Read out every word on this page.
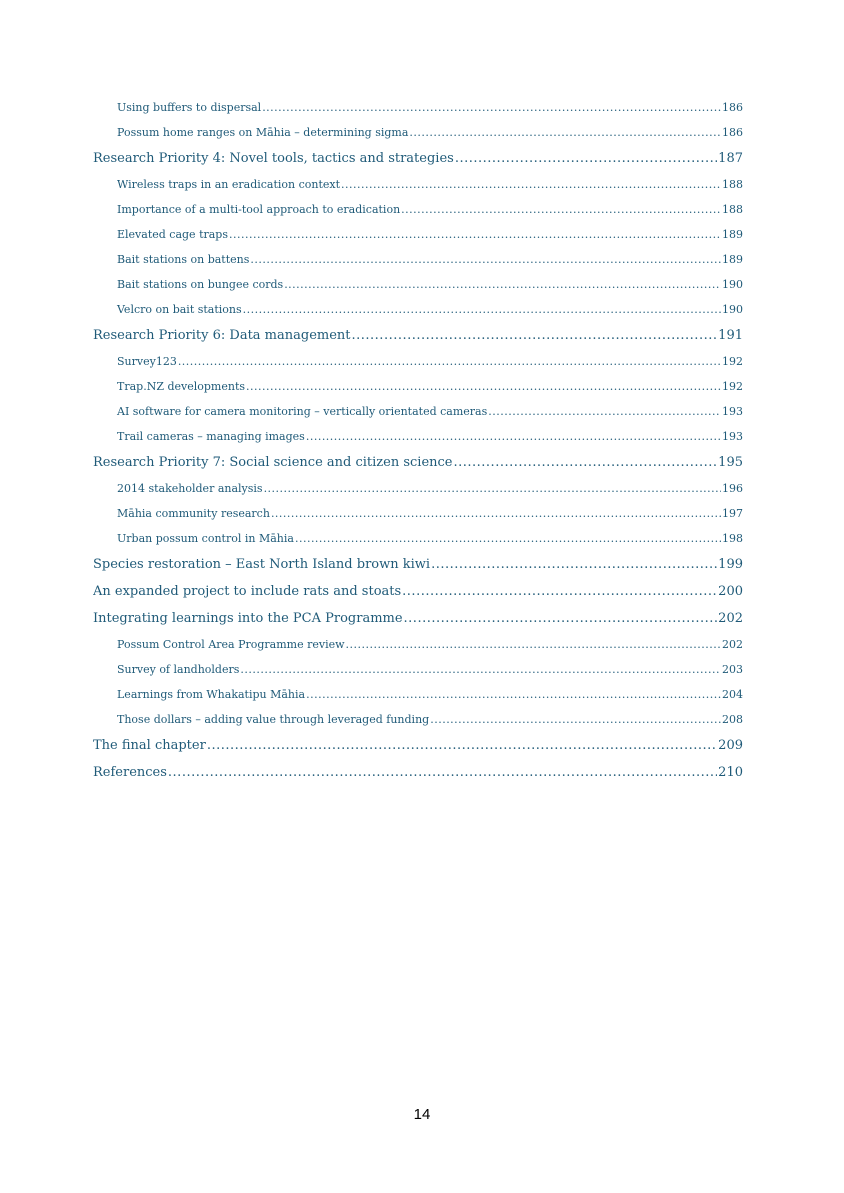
Using buffers to dispersal .....	186
Possum home ranges on Māhia – determining sigma .....	186
Research Priority 4: Novel tools, tactics and strategies .....	187
Wireless traps in an eradication context .....	188
Importance of a multi-tool approach to eradication .....	188
Elevated cage traps .....	189
Bait stations on battens .....	189
Bait stations on bungee cords .....	190
Velcro on bait stations .....	190
Research Priority 6: Data management .....	191
Survey123 .....	192
Trap.NZ developments .....	192
AI software for camera monitoring – vertically orientated cameras .....	193
Trail cameras – managing images .....	193
Research Priority 7: Social science and citizen science .....	195
2014 stakeholder analysis .....	196
Māhia community research .....	197
Urban possum control in Māhia .....	198
Species restoration – East North Island brown kiwi .....	199
An expanded project to include rats and stoats .....	200
Integrating learnings into the PCA Programme .....	202
Possum Control Area Programme review .....	202
Survey of landholders .....	203
Learnings from Whakatipu Māhia .....	204
Those dollars – adding value through leveraged funding .....	208
The final chapter .....	209
References .....	210
14
